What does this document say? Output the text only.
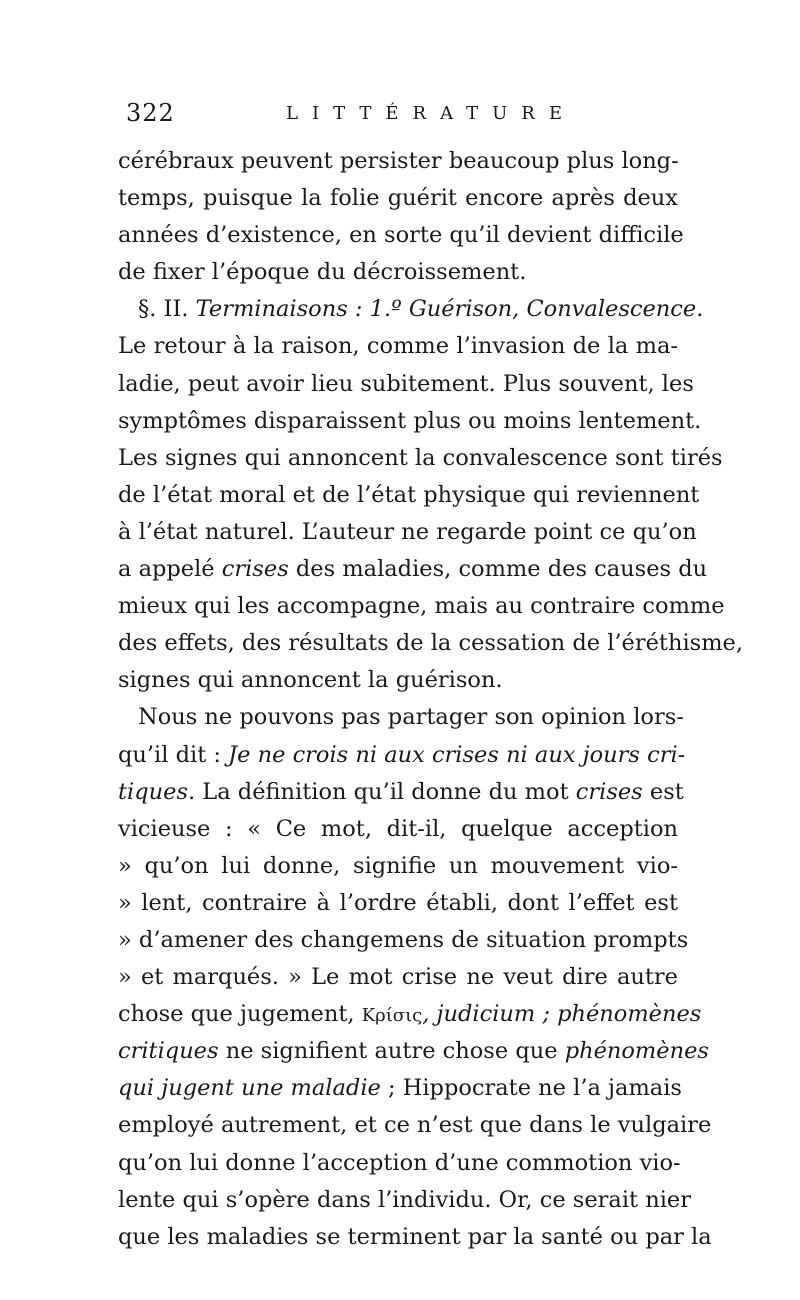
322	LITTÉRATURE
cérébraux peuvent persister beaucoup plus long-
temps, puisque la folie guérit encore après deux
années d’existence, en sorte qu’il devient difficile
de fixer l’époque du décroissement.
§. II. Terminaisons : 1.º Guérison, Convalescence.
Le retour à la raison, comme l’invasion de la ma-
ladie, peut avoir lieu subitement. Plus souvent, les
symptômes disparaissent plus ou moins lentement.
Les signes qui annoncent la convalescence sont tirés
de l’état moral et de l’état physique qui reviennent
à l’état naturel. L’auteur ne regarde point ce qu’on
a appelé crises des maladies, comme des causes du
mieux qui les accompagne, mais au contraire comme
des effets, des résultats de la cessation de l’éréthisme,
signes qui annoncent la guérison.
Nous ne pouvons pas partager son opinion lors-
qu’il dit : Je ne crois ni aux crises ni aux jours cri-
tiques. La définition qu’il donne du mot crises est
vicieuse : « Ce mot, dit-il, quelque acception
» qu’on lui donne, signifie un mouvement vio-
» lent, contraire à l’ordre établi, dont l’effet est
» d’amener des changemens de situation prompts
» et marqués. » Le mot crise ne veut dire autre
chose que jugement, Κρίσις, judicium ; phénomènes
critiques ne signifient autre chose que phénomènes
qui jugent une maladie ; Hippocrate ne l’a jamais
employé autrement, et ce n’est que dans le vulgaire
qu’on lui donne l’acception d’une commotion vio-
lente qui s’opère dans l’individu. Or, ce serait nier
que les maladies se terminent par la santé ou par la
